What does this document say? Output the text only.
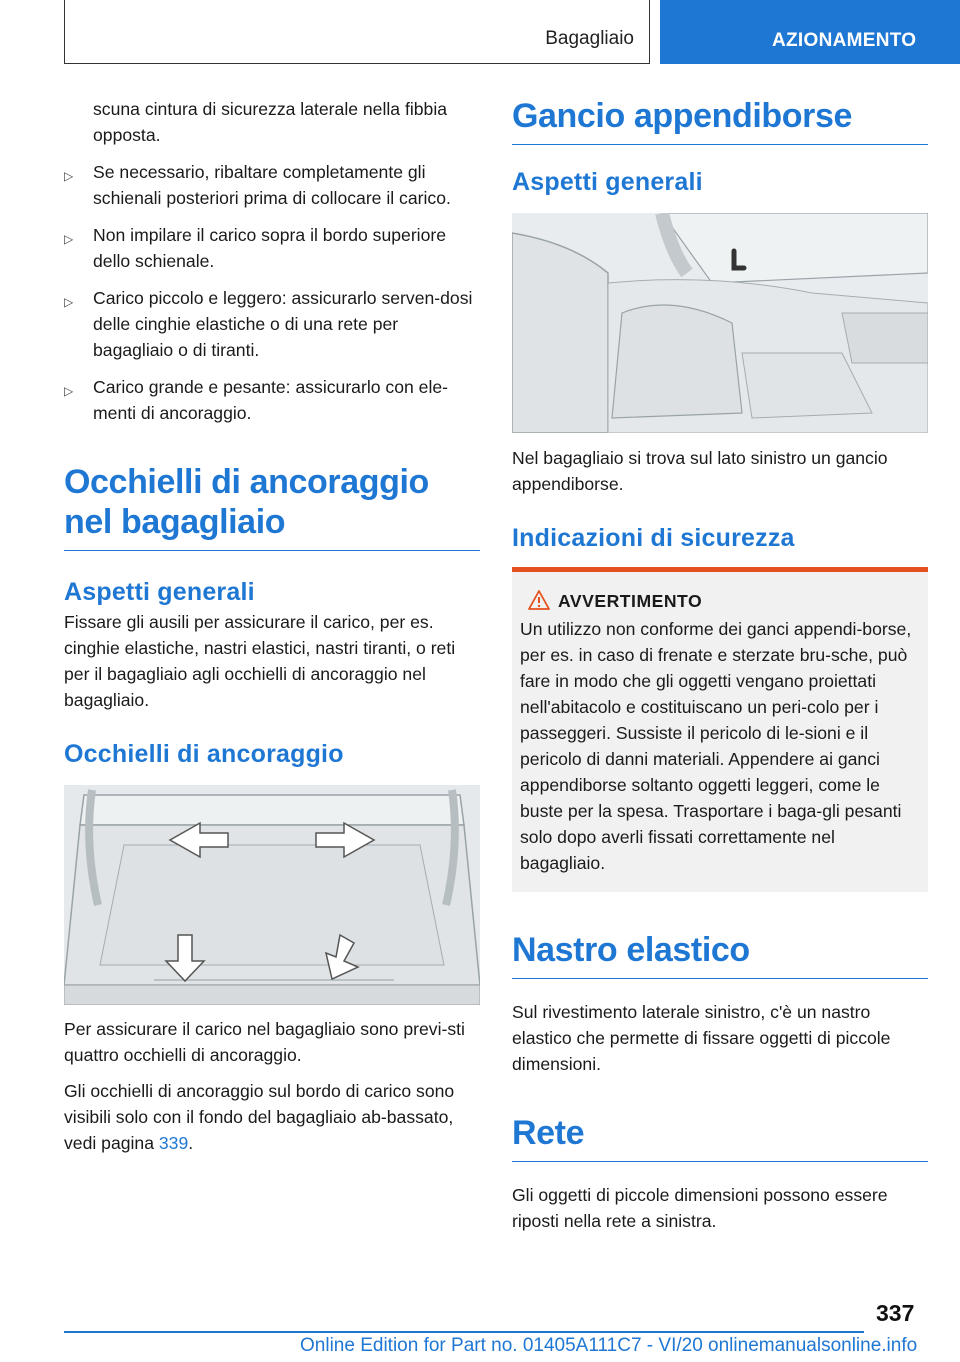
Bagagliaio	AZIONAMENTO

scuna cintura di sicurezza laterale nella fibbia opposta.

▷ Se necessario, ribaltare completamente gli schienali posteriori prima di collocare il carico.
▷ Non impilare il carico sopra il bordo superiore dello schienale.
▷ Carico piccolo e leggero: assicurarlo serven-dosi delle cinghie elastiche o di una rete per bagagliaio o di tiranti.
▷ Carico grande e pesante: assicurarlo con ele-menti di ancoraggio.
Occhielli di ancoraggio nel bagagliaio
Aspetti generali

Fissare gli ausili per assicurare il carico, per es. cinghie elastiche, nastri elastici, nastri tiranti, o reti per il bagagliaio agli occhielli di ancoraggio nel bagagliaio.

Occhielli di ancoraggio

Per assicurare il carico nel bagagliaio sono previ-sti quattro occhielli di ancoraggio.

Gli occhielli di ancoraggio sul bordo di carico sono visibili solo con il fondo del bagagliaio ab-bassato, vedi pagina 339.

Gancio appendiborse
Aspetti generali

Nel bagagliaio si trova sul lato sinistro un gancio appendiborse.

Indicazioni di sicurezza
AVVERTIMENTO

Un utilizzo non conforme dei ganci appendi-borse, per es. in caso di frenate e sterzate bru-sche, può fare in modo che gli oggetti vengano proiettati nell'abitacolo e costituiscano un peri-colo per i passeggeri. Sussiste il pericolo di le-sioni e il pericolo di danni materiali. Appendere ai ganci appendiborse soltanto oggetti leggeri, come le buste per la spesa. Trasportare i baga-gli pesanti solo dopo averli fissati correttamente nel bagagliaio.

Nastro elastico

Sul rivestimento laterale sinistro, c'è un nastro elastico che permette di fissare oggetti di piccole dimensioni.

Rete

Gli oggetti di piccole dimensioni possono essere riposti nella rete a sinistra.

337
Online Edition for Part no. 01405A111C7 - VI/20 onlinemanualsonline.info
